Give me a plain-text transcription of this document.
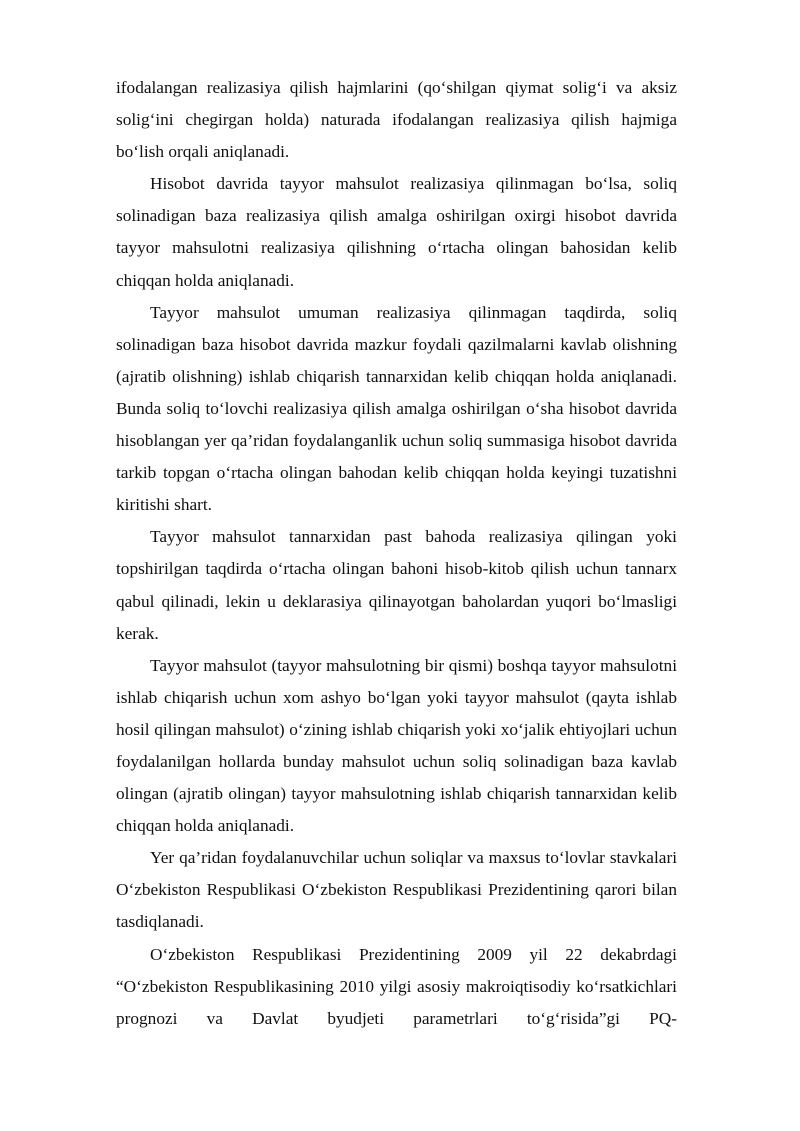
ifodalangan realizasiya qilish hajmlarini (qo‘shilgan qiymat solig‘i va aksiz solig‘ini chegirgan holda) naturada ifodalangan realizasiya qilish hajmiga bo‘lish orqali aniqlanadi.

Hisobot davrida tayyor mahsulot realizasiya qilinmagan bo‘lsa, soliq solinadigan baza realizasiya qilish amalga oshirilgan oxirgi hisobot davrida tayyor mahsulotni realizasiya qilishning o‘rtacha olingan bahosidan kelib chiqqan holda aniqlanadi.

Tayyor mahsulot umuman realizasiya qilinmagan taqdirda, soliq solinadigan baza hisobot davrida mazkur foydali qazilmalarni kavlab olishning (ajratib olishning) ishlab chiqarish tannarxidan kelib chiqqan holda aniqlanadi. Bunda soliq to‘lovchi realizasiya qilish amalga oshirilgan o‘sha hisobot davrida hisoblangan yer qa’ridan foydalanganlik uchun soliq summasiga hisobot davrida tarkib topgan o‘rtacha olingan bahodan kelib chiqqan holda keyingi tuzatishni kiritishi shart.

Tayyor mahsulot tannarxidan past bahoda realizasiya qilingan yoki topshirilgan taqdirda o‘rtacha olingan bahoni hisob-kitob qilish uchun tannarx qabul qilinadi, lekin u deklarasiya qilinayotgan baholardan yuqori bo‘lmasligi kerak.

Tayyor mahsulot (tayyor mahsulotning bir qismi) boshqa tayyor mahsulotni ishlab chiqarish uchun xom ashyo bo‘lgan yoki tayyor mahsulot (qayta ishlab hosil qilingan mahsulot) o‘zining ishlab chiqarish yoki xo‘jalik ehtiyojlari uchun foydalanilgan hollarda bunday mahsulot uchun soliq solinadigan baza kavlab olingan (ajratib olingan) tayyor mahsulotning ishlab chiqarish tannarxidan kelib chiqqan holda aniqlanadi.

Yer qa’ridan foydalanuvchilar uchun soliqlar va maxsus to‘lovlar stavkalari O‘zbekiston Respublikasi O‘zbekiston Respublikasi Prezidentining qarori bilan tasdiqlanadi.

O‘zbekiston Respublikasi Prezidentining 2009 yil 22 dekabrdagi “O‘zbekiston Respublikasining 2010 yilgi asosiy makroiqtisodiy ko‘rsatkichlari prognozi va Davlat byudjeti parametrlari to‘g‘risida”gi PQ-
